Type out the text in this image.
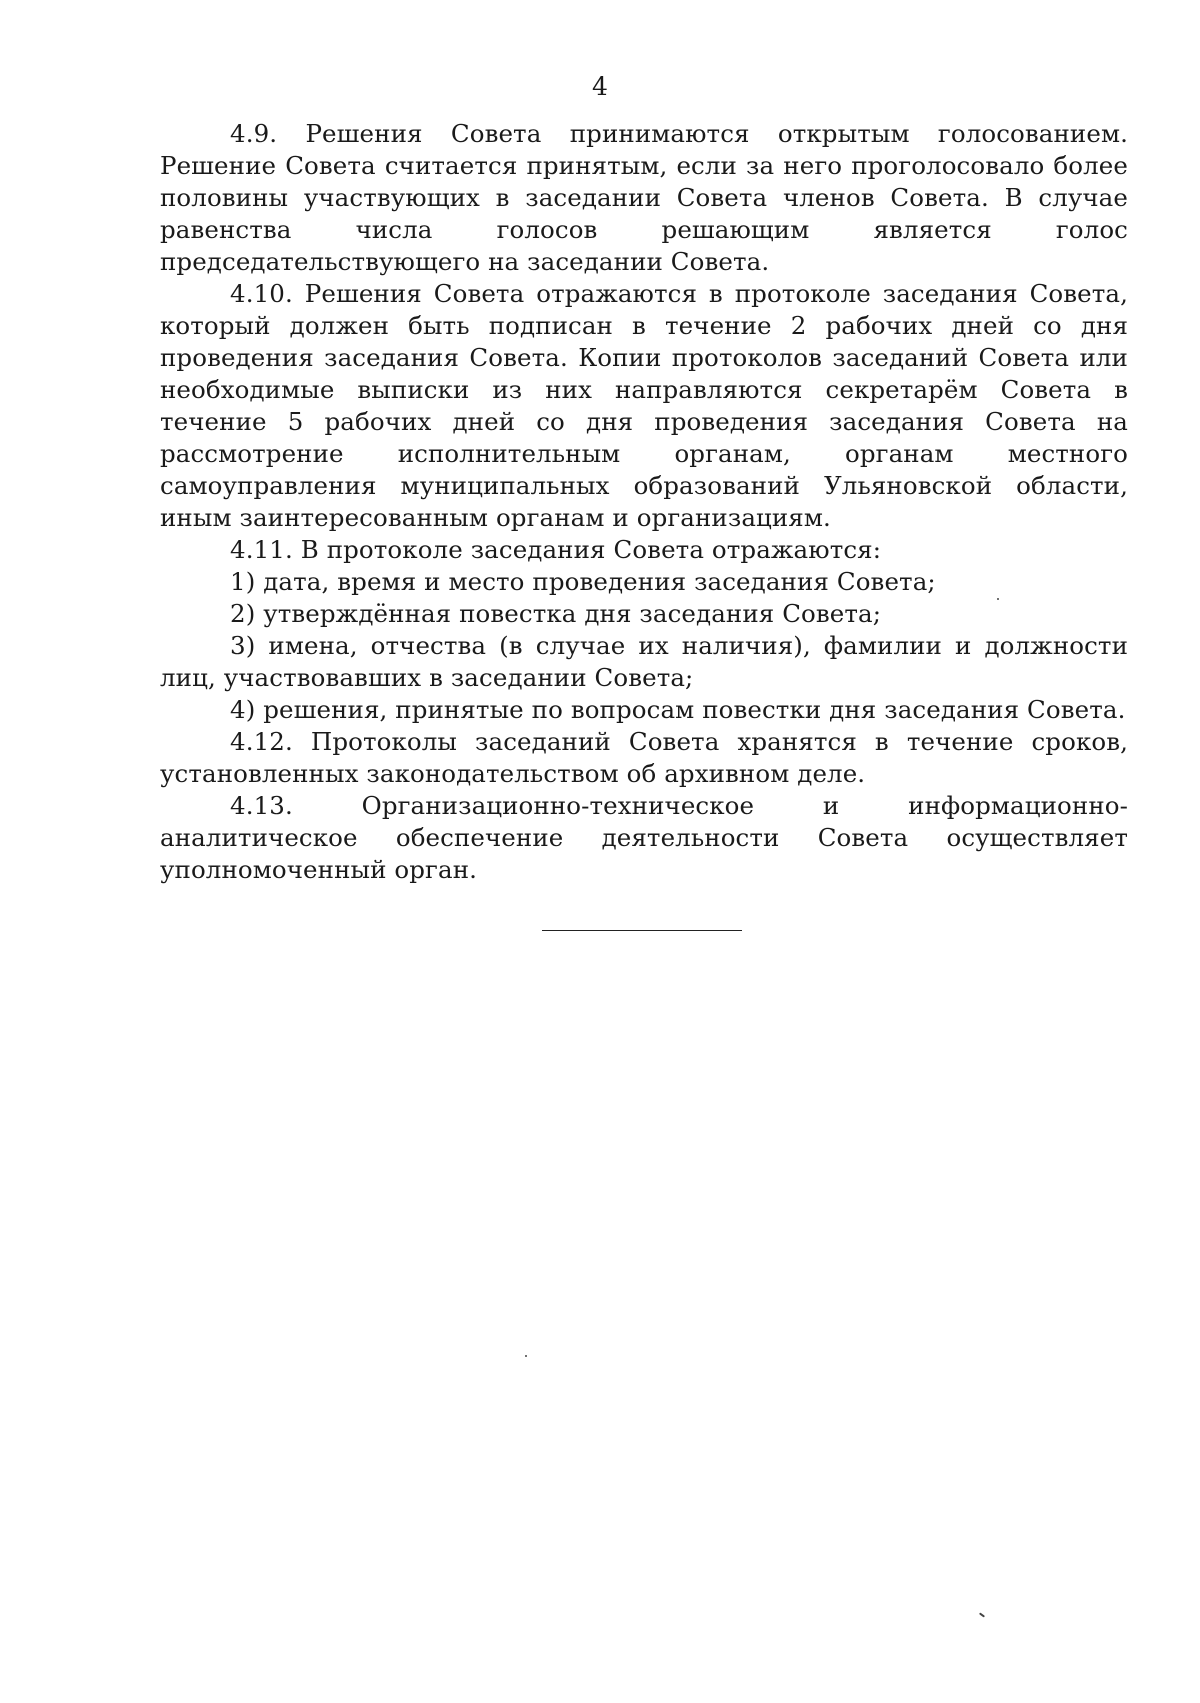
4

4.9. Решения Совета принимаются открытым голосованием. Решение Совета считается принятым, если за него проголосовало более половины участвующих в заседании Совета членов Совета. В случае равенства числа голосов решающим является голос председательствующего на заседании Совета.

4.10. Решения Совета отражаются в протоколе заседания Совета, который должен быть подписан в течение 2 рабочих дней со дня проведения заседания Совета. Копии протоколов заседаний Совета или необходимые выписки из них направляются секретарём Совета в течение 5 рабочих дней со дня проведения заседания Совета на рассмотрение исполнительным органам, органам местного самоуправления муниципальных образований Ульяновской области, иным заинтересованным органам и организациям.

4.11. В протоколе заседания Совета отражаются:

1) дата, время и место проведения заседания Совета;

2) утверждённая повестка дня заседания Совета;

3) имена, отчества (в случае их наличия), фамилии и должности лиц, участвовавших в заседании Совета;

4) решения, принятые по вопросам повестки дня заседания Совета.

4.12. Протоколы заседаний Совета хранятся в течение сроков, установленных законодательством об архивном деле.

4.13. Организационно-техническое и информационно-аналитическое обеспечение деятельности Совета осуществляет уполномоченный орган.
